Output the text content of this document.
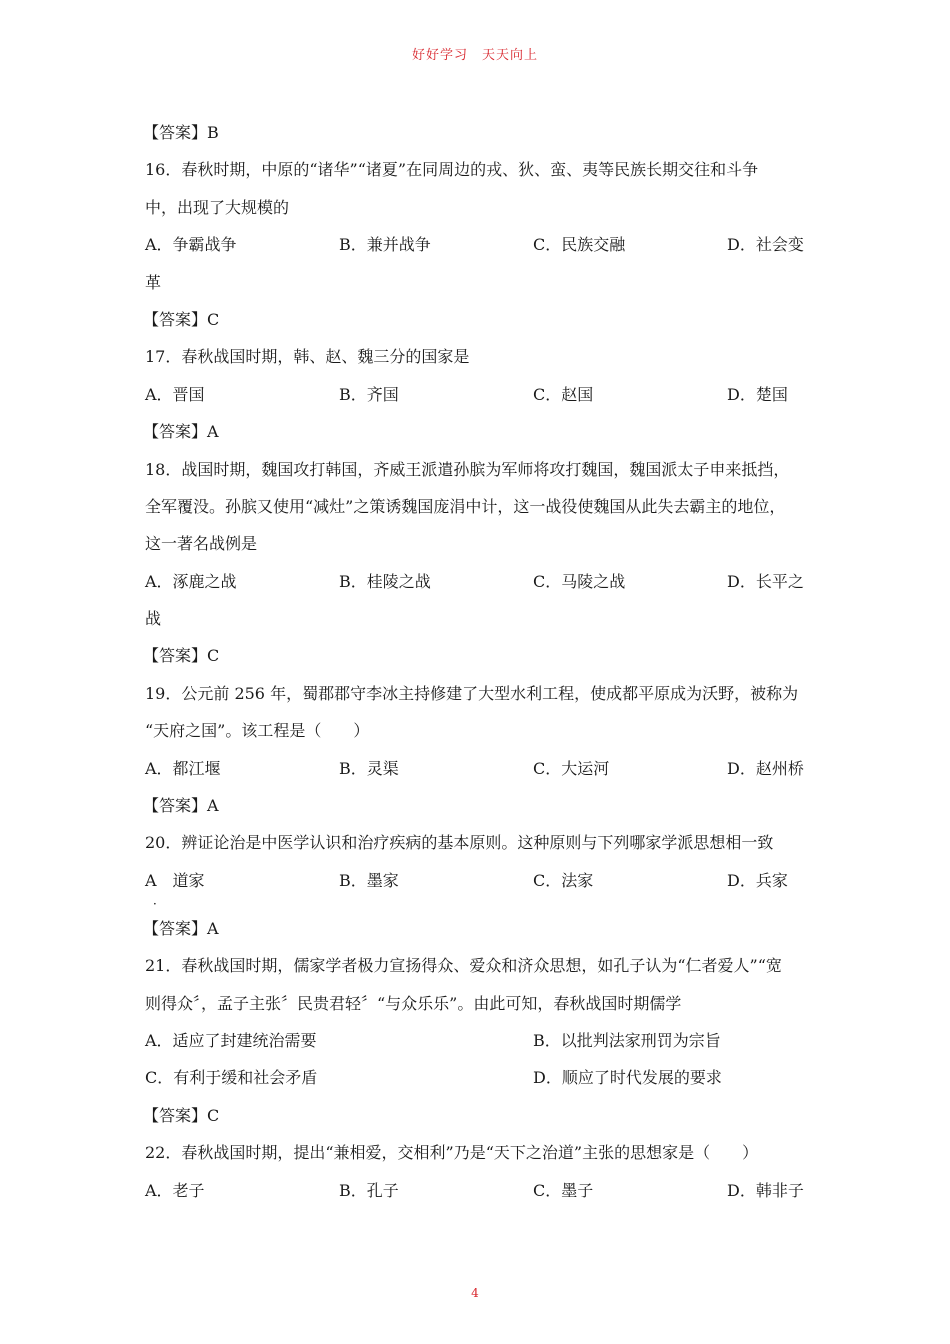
好好学习　天天向上
【答案】B
16．春秋时期，中原的“诸华”“诸夏”在同周边的戎、狄、蛮、夷等民族长期交往和斗争
中，出现了大规模的
A．争霸战争	B．兼并战争	C．民族交融	D．社会变
革
【答案】C
17．春秋战国时期，韩、赵、魏三分的国家是
A．晋国	B．齐国	C．赵国	D．楚国
【答案】A
18．战国时期，魏国攻打韩国，齐威王派遣孙膑为军师将攻打魏国，魏国派太子申来抵挡，
全军覆没。孙膑又使用“减灶”之策诱魏国庞涓中计，这一战役使魏国从此失去霸主的地位，
这一著名战例是
A．涿鹿之战	B．桂陵之战	C．马陵之战	D．长平之
战
【答案】C
19．公元前 256 年，蜀郡郡守李冰主持修建了大型水利工程，使成都平原成为沃野，被称为
“天府之国”。该工程是（　　）
A．都江堰	B．灵渠	C．大运河	D．赵州桥
【答案】A
20．辨证论治是中医学认识和治疗疾病的基本原则。这种原则与下列哪家学派思想相一致
A　道家	B．墨家	C．法家	D．兵家
．
【答案】A
21．春秋战国时期，儒家学者极力宣扬得众、爱众和济众思想，如孔子认为“仁者爱人”“宽
则得众〞，孟子主张〞民贵君轻〞“与众乐乐”。由此可知，春秋战国时期儒学
A．适应了封建统治需要	B．以批判法家刑罚为宗旨
C．有利于缓和社会矛盾	D．顺应了时代发展的要求
【答案】C
22．春秋战国时期，提出“兼相爱，交相利”乃是“天下之治道”主张的思想家是（　　）
A．老子	B．孔子	C．墨子	D．韩非子
4
